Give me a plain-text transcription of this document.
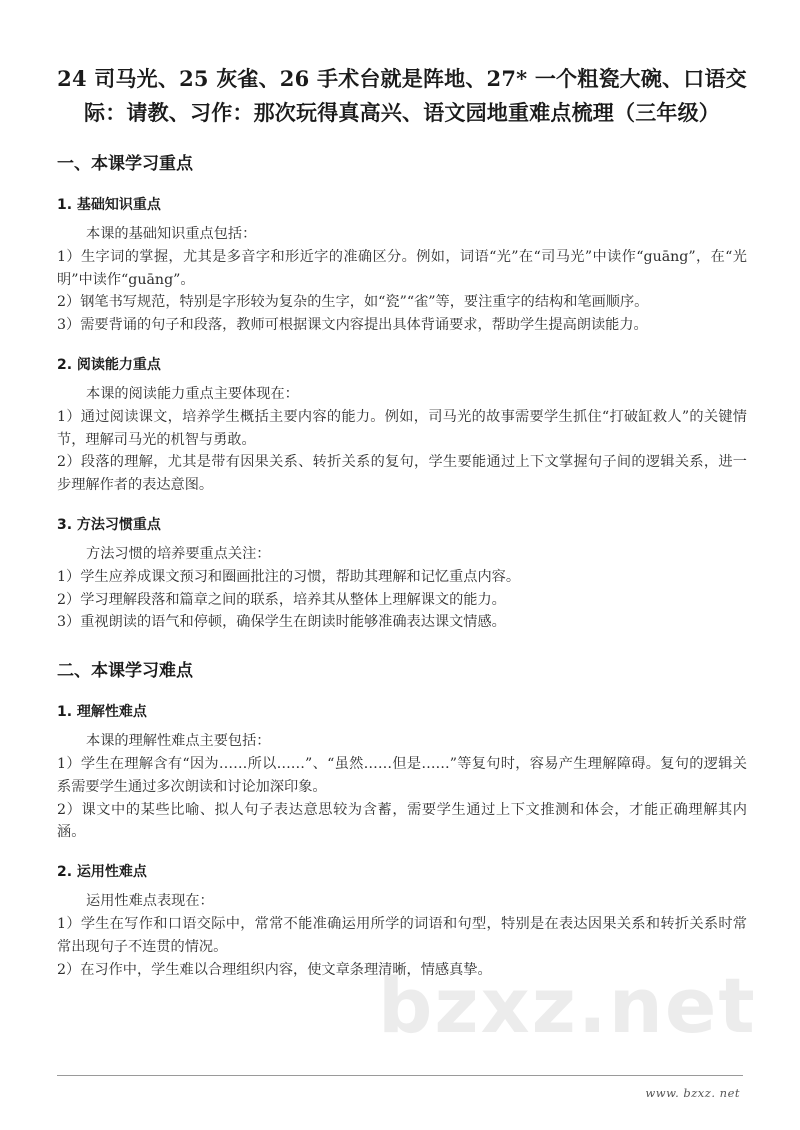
bzxz.net
24 司马光、25 灰雀、26 手术台就是阵地、27* 一个粗瓷大碗、口语交际：请教、习作：那次玩得真高兴、语文园地重难点梳理（三年级）
一、本课学习重点
1. 基础知识重点

本课的基础知识重点包括：

1）生字词的掌握，尤其是多音字和形近字的准确区分。例如，词语“光”在“司马光”中读作“guāng”，在“光明”中读作“guāng”。

2）钢笔书写规范，特别是字形较为复杂的生字，如“瓷”“雀”等，要注重字的结构和笔画顺序。

3）需要背诵的句子和段落，教师可根据课文内容提出具体背诵要求，帮助学生提高朗读能力。

2. 阅读能力重点

本课的阅读能力重点主要体现在：

1）通过阅读课文，培养学生概括主要内容的能力。例如，司马光的故事需要学生抓住“打破缸救人”的关键情节，理解司马光的机智与勇敢。

2）段落的理解，尤其是带有因果关系、转折关系的复句，学生要能通过上下文掌握句子间的逻辑关系，进一步理解作者的表达意图。

3. 方法习惯重点

方法习惯的培养要重点关注：

1）学生应养成课文预习和圈画批注的习惯，帮助其理解和记忆重点内容。

2）学习理解段落和篇章之间的联系，培养其从整体上理解课文的能力。

3）重视朗读的语气和停顿，确保学生在朗读时能够准确表达课文情感。

二、本课学习难点
1. 理解性难点

本课的理解性难点主要包括：

1）学生在理解含有“因为……所以……”、“虽然……但是……”等复句时，容易产生理解障碍。复句的逻辑关系需要学生通过多次朗读和讨论加深印象。

2）课文中的某些比喻、拟人句子表达意思较为含蓄，需要学生通过上下文推测和体会，才能正确理解其内涵。

2. 运用性难点

运用性难点表现在：

1）学生在写作和口语交际中，常常不能准确运用所学的词语和句型，特别是在表达因果关系和转折关系时常常出现句子不连贯的情况。

2）在习作中，学生难以合理组织内容，使文章条理清晰，情感真挚。

www. bzxz. net
